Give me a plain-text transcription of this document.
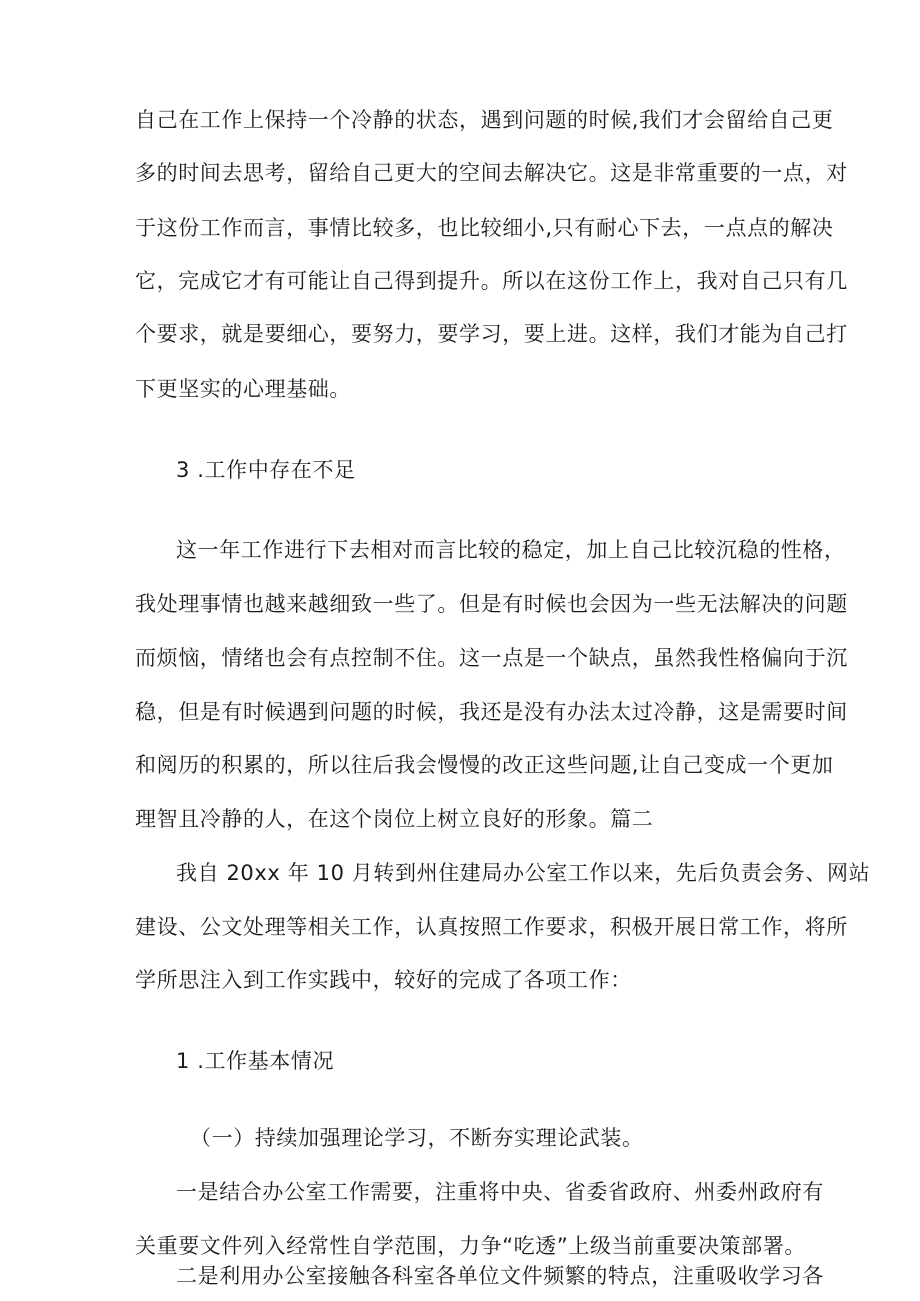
自己在工作上保持一个冷静的状态，遇到问题的时候,我们才会留给自己更
多的时间去思考，留给自己更大的空间去解决它。这是非常重要的一点，对
于这份工作而言，事情比较多，也比较细小,只有耐心下去，一点点的解决
它，完成它才有可能让自己得到提升。所以在这份工作上，我对自己只有几
个要求，就是要细心，要努力，要学习，要上进。这样，我们才能为自己打
下更坚实的心理基础。
3 .工作中存在不足
这一年工作进行下去相对而言比较的稳定，加上自己比较沉稳的性格，
我处理事情也越来越细致一些了。但是有时候也会因为一些无法解决的问题
而烦恼，情绪也会有点控制不住。这一点是一个缺点，虽然我性格偏向于沉
稳，但是有时候遇到问题的时候，我还是没有办法太过冷静，这是需要时间
和阅历的积累的，所以往后我会慢慢的改正这些问题,让自己变成一个更加
理智且冷静的人，在这个岗位上树立良好的形象。篇二
我自 20xx 年 10 月转到州住建局办公室工作以来，先后负责会务、网站
建设、公文处理等相关工作，认真按照工作要求，积极开展日常工作，将所
学所思注入到工作实践中，较好的完成了各项工作：
1 .工作基本情况
（一）持续加强理论学习，不断夯实理论武装。
一是结合办公室工作需要，注重将中央、省委省政府、州委州政府有
关重要文件列入经常性自学范围，力争“吃透”上级当前重要决策部署。
二是利用办公室接触各科室各单位文件频繁的特点，注重吸收学习各
